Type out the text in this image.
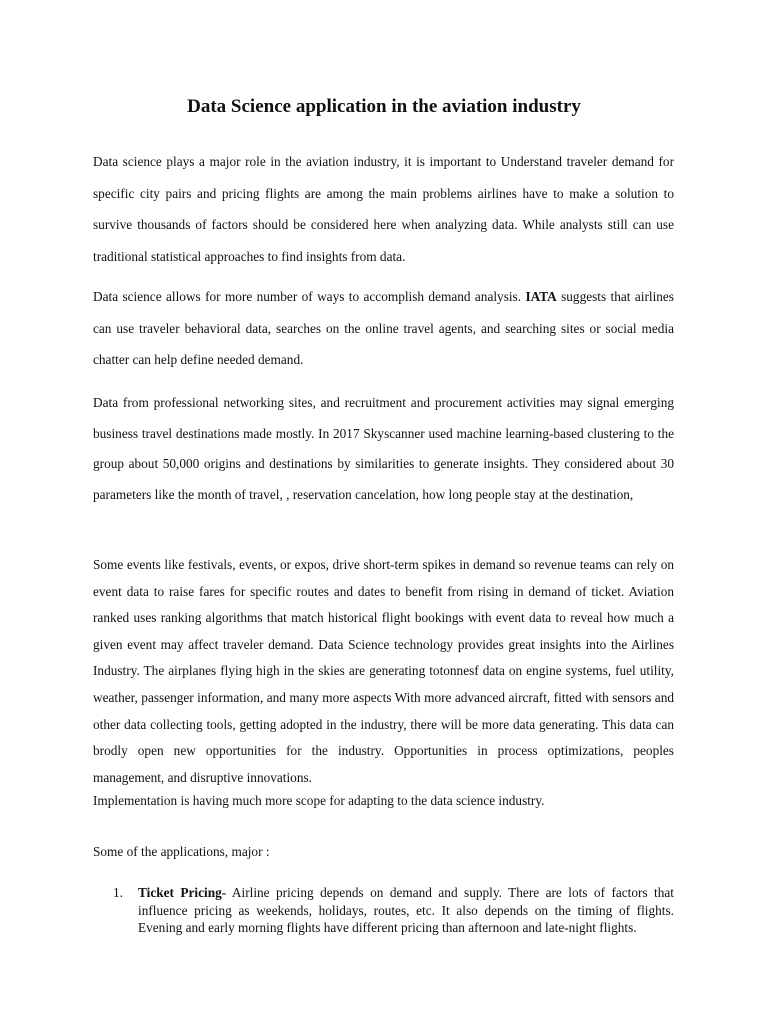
Data Science application in the aviation industry

Data science plays a major role in the aviation industry, it is important to Understand traveler demand for specific city pairs and pricing flights are among the main problems airlines have to make a solution to survive thousands of factors should be considered here when analyzing data. While analysts still can use traditional statistical approaches to find insights from data.

Data science allows for more number of ways to accomplish demand analysis. IATA suggests that airlines can use traveler behavioral data, searches on the online travel agents, and searching sites or social media chatter can help define needed demand.

Data from professional networking sites, and recruitment and procurement activities may signal emerging business travel destinations made mostly. In 2017 Skyscanner used machine learning-based clustering to the group about 50,000 origins and destinations by similarities to generate insights. They considered about 30 parameters like the month of travel, , reservation cancelation, how long people stay at the destination,

Some events like festivals, events, or expos, drive short-term spikes in demand so revenue teams can rely on event data to raise fares for specific routes and dates to benefit from rising in demand of ticket. Aviation ranked uses ranking algorithms that match historical flight bookings with event data to reveal how much a given event may affect traveler demand. Data Science technology provides great insights into the Airlines Industry. The airplanes flying high in the skies are generating totonnesf data on engine systems, fuel utility, weather, passenger information, and many more aspects With more advanced aircraft, fitted with sensors and other data collecting tools, getting adopted in the industry, there will be more data generating. This data can brodly open new opportunities for the industry. Opportunities in process optimizations, peoples management, and disruptive innovations.

Implementation is having much more scope for adapting to the data science industry.

Some of the applications, major :

1. Ticket Pricing- Airline pricing depends on demand and supply. There are lots of factors that influence pricing as weekends, holidays, routes, etc. It also depends on the timing of flights. Evening and early morning flights have different pricing than afternoon and late-night flights.
